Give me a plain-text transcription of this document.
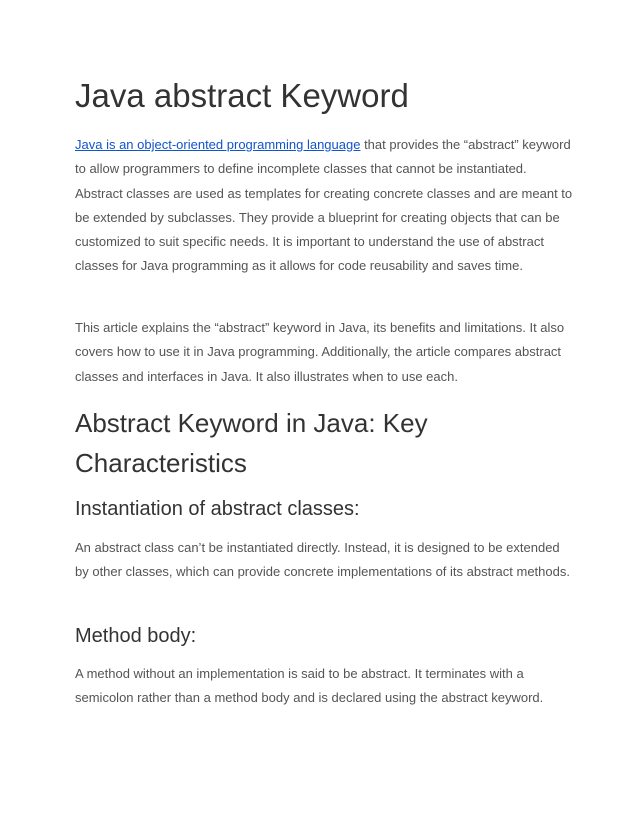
Java abstract Keyword

Java is an object-oriented programming language that provides the “abstract” keyword to allow programmers to define incomplete classes that cannot be instantiated. Abstract classes are used as templates for creating concrete classes and are meant to be extended by subclasses. They provide a blueprint for creating objects that can be customized to suit specific needs. It is important to understand the use of abstract classes for Java programming as it allows for code reusability and saves time.

This article explains the “abstract” keyword in Java, its benefits and limitations. It also covers how to use it in Java programming. Additionally, the article compares abstract classes and interfaces in Java. It also illustrates when to use each.

Abstract Keyword in Java: Key Characteristics
Instantiation of abstract classes:

An abstract class can’t be instantiated directly. Instead, it is designed to be extended by other classes, which can provide concrete implementations of its abstract methods.

Method body:

A method without an implementation is said to be abstract. It terminates with a semicolon rather than a method body and is declared using the abstract keyword.
